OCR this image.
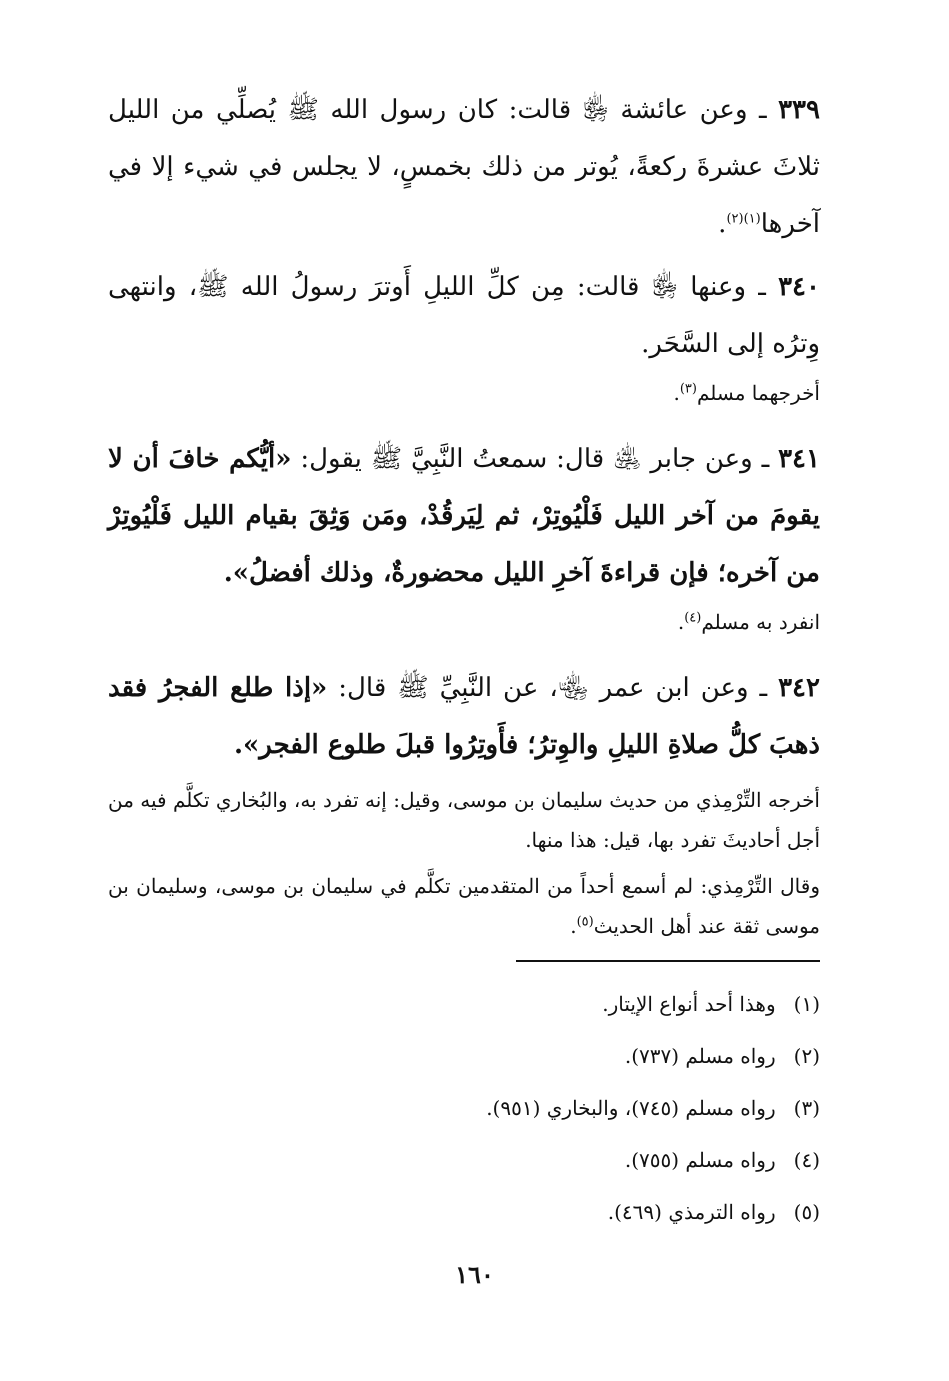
٣٣٩ ـ وعن عائشة ﵂ قالت: كان رسول الله ﷺ يُصلِّي من الليل ثلاثَ عشرةَ ركعةً، يُوتر من ذلك بخمسٍ، لا يجلس في شيء إلا في آخرها$^{(١)(٢)}$.

٣٤٠ ـ وعنها ﵂ قالت: مِن كلِّ الليلِ أَوترَ رسولُ الله ﷺ، وانتهى وِترُه إلى السَّحَر.

أخرجهما مسلم$^{(٣)}$.

٣٤١ ـ وعن جابر ﵁ قال: سمعتُ النَّبِيَّ ﷺ يقول: «أيُّكم خافَ أن لا يقومَ من آخر الليل فَلْيُوتِرْ، ثم لِيَرقُدْ، ومَن وَثِقَ بقيام الليل فَلْيُوتِرْ من آخره؛ فإن قراءةَ آخرِ الليل محضورةٌ، وذلك أفضلُ».

انفرد به مسلم$^{(٤)}$.

٣٤٢ ـ وعن ابن عمر ﵄، عن النَّبِيِّ ﷺ قال: «إذا طلع الفجرُ فقد ذهبَ كلُّ صلاةِ الليلِ والوِترُ؛ فأَوتِرُوا قبلَ طلوع الفجر».

أخرجه التِّرْمِذي من حديث سليمان بن موسى، وقيل: إنه تفرد به، والبُخاري تكلَّم فيه من أجل أحاديثَ تفرد بها، قيل: هذا منها.

وقال التِّرْمِذي: لم أسمع أحداً من المتقدمين تكلَّم في سليمان بن موسى، وسليمان بن موسى ثقة عند أهل الحديث$^{(٥)}$.

(١)وهذا أحد أنواع الإيتار.
(٢)رواه مسلم (٧٣٧).
(٣)رواه مسلم (٧٤٥)، والبخاري (٩٥١).
(٤)رواه مسلم (٧٥٥).
(٥)رواه الترمذي (٤٦٩).
١٦٠
